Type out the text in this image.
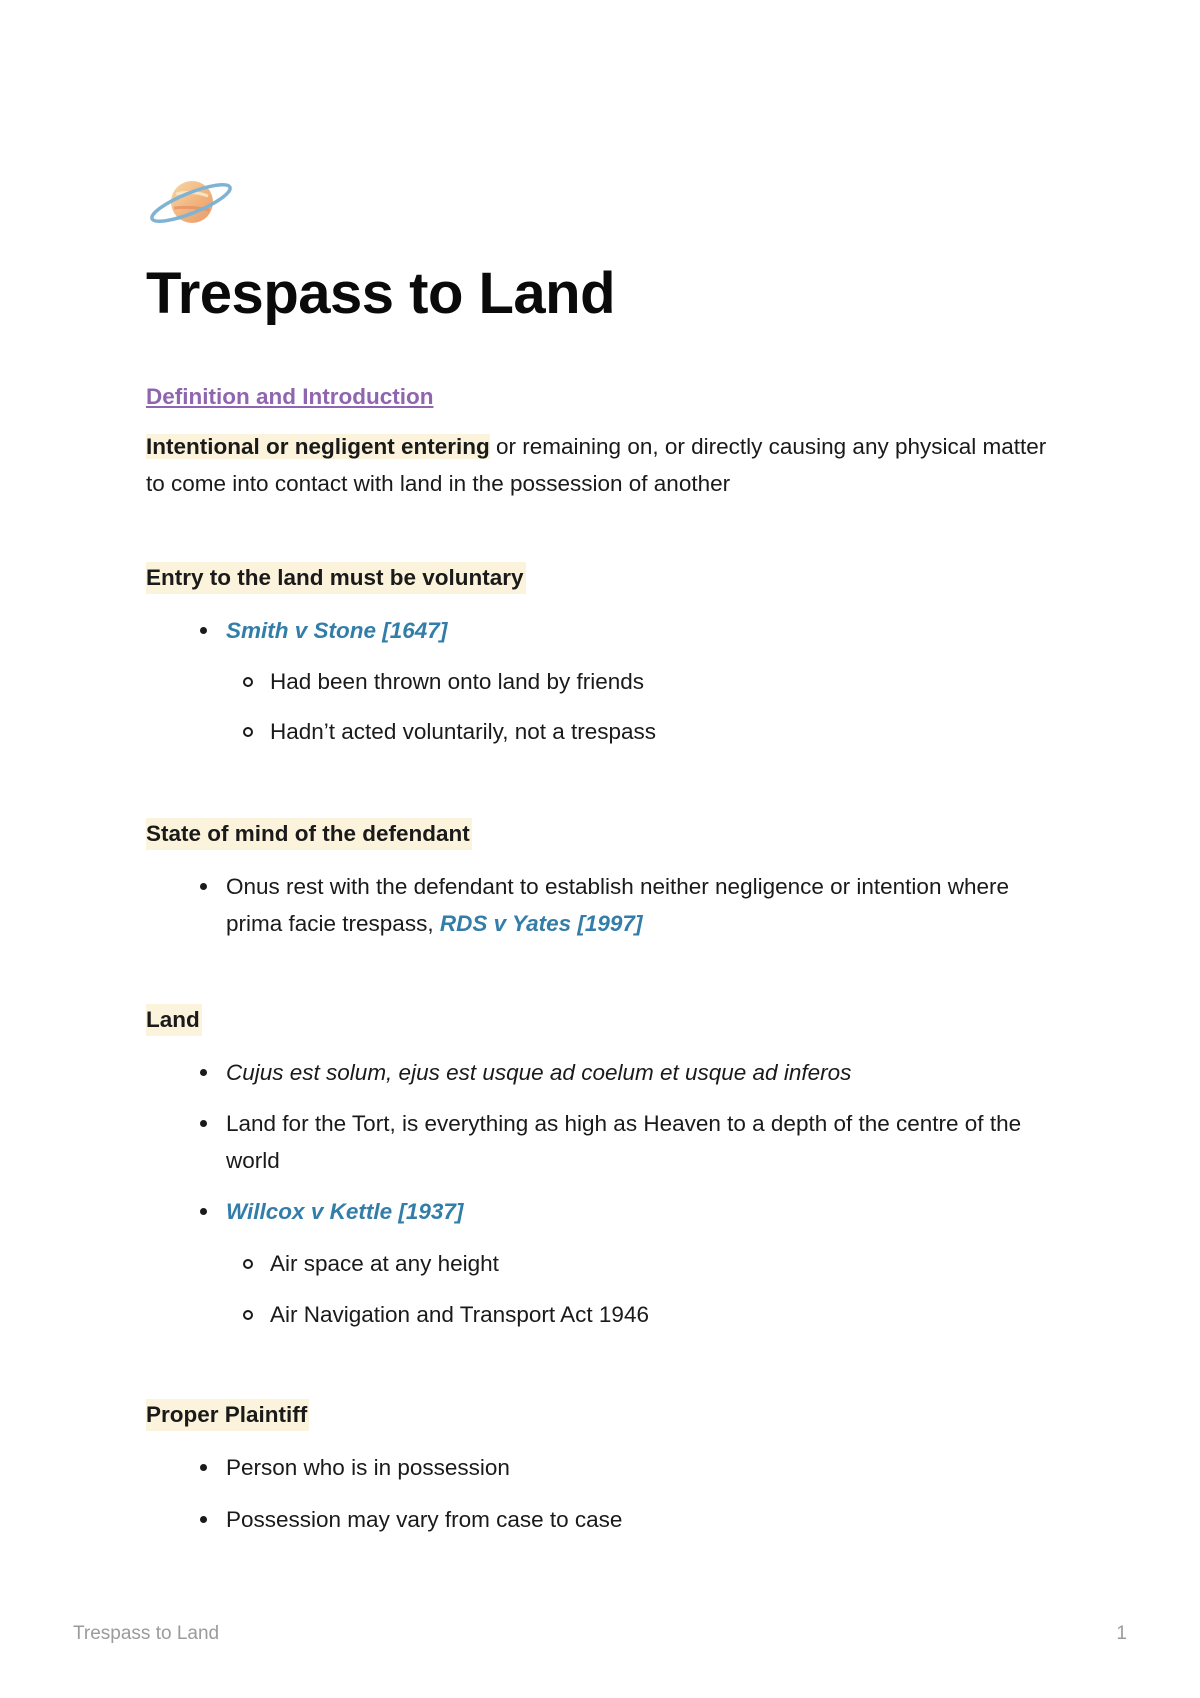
Trespass to Land
Definition and Introduction

Intentional or negligent entering or remaining on, or directly causing any physical matter to come into contact with land in the possession of another

Entry to the land must be voluntary

Smith v Stone [1647]

Had been thrown onto land by friends

Hadn’t acted voluntarily, not a trespass

State of mind of the defendant

Onus rest with the defendant to establish neither negligence or intention where prima facie trespass, RDS v Yates [1997]

Land

Cujus est solum, ejus est usque ad coelum et usque ad inferos

Land for the Tort, is everything as high as Heaven to a depth of the centre of the world

Willcox v Kettle [1937]

Air space at any height

Air Navigation and Transport Act 1946

Proper Plaintiff

Person who is in possession

Possession may vary from case to case

Trespass to Land	1
